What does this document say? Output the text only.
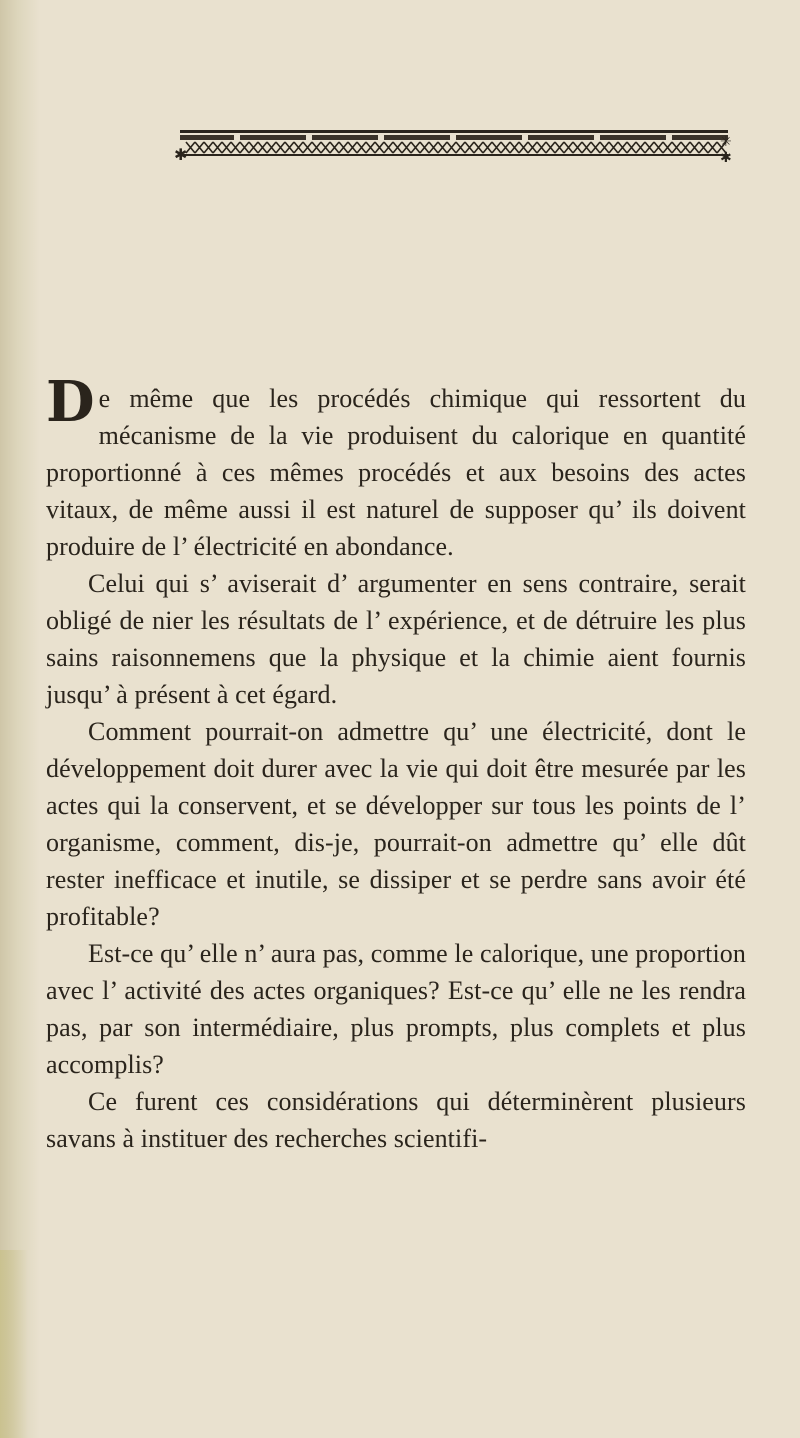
✱
✳
✱

De même que les procédés chimique qui ressortent du mécanisme de la vie produisent du calorique en quantité proportionné à ces mêmes procédés et aux besoins des actes vitaux, de même aussi il est naturel de supposer qu’ ils doivent produire de l’ électricité en abondance.

Celui qui s’ aviserait d’ argumenter en sens contraire, serait obligé de nier les résultats de l’ expérience, et de détruire les plus sains raisonnemens que la physique et la chimie aient fournis jusqu’ à présent à cet égard.

Comment pourrait-on admettre qu’ une électricité, dont le développement doit durer avec la vie qui doit être mesurée par les actes qui la conservent, et se développer sur tous les points de l’ organisme, comment, dis-je, pourrait-on admettre qu’ elle dût rester inefficace et inutile, se dissiper et se perdre sans avoir été profitable?

Est-ce qu’ elle n’ aura pas, comme le calorique, une proportion avec l’ activité des actes organiques? Est-ce qu’ elle ne les rendra pas, par son intermédiaire, plus prompts, plus complets et plus accomplis?

Ce furent ces considérations qui déterminèrent plusieurs savans à instituer des recherches scientifi-
